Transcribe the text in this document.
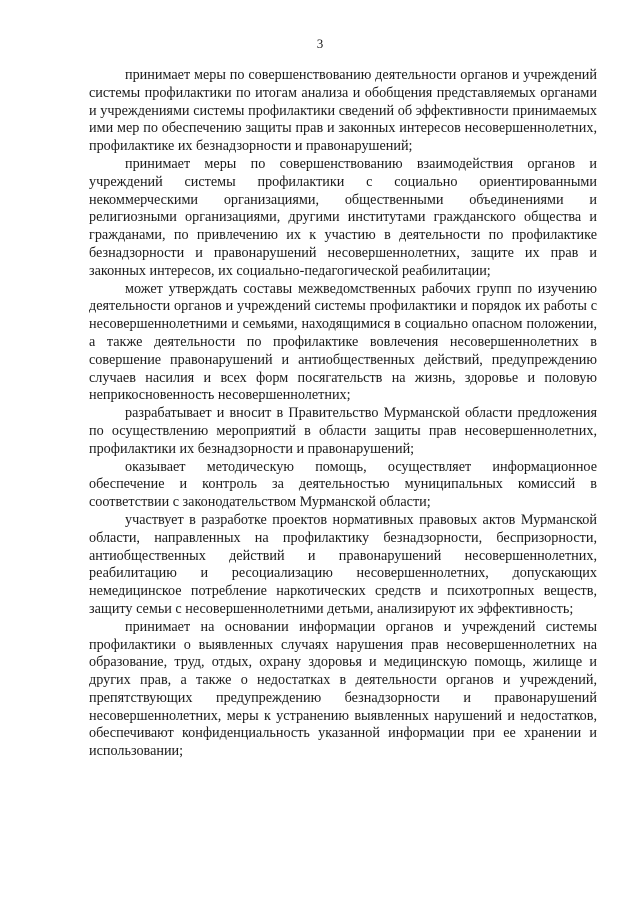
3

принимает меры по совершенствованию деятельности органов и учреждений системы профилактики по итогам анализа и обобщения представляемых органами и учреждениями системы профилактики сведений об эффективности принимаемых ими мер по обеспечению защиты прав и законных интересов несовершеннолетних, профилактике их безнадзорности и правонарушений;

принимает меры по совершенствованию взаимодействия органов и учреждений системы профилактики с социально ориентированными некоммерческими организациями, общественными объединениями и религиозными организациями, другими институтами гражданского общества и гражданами, по привлечению их к участию в деятельности по профилактике безнадзорности и правонарушений несовершеннолетних, защите их прав и законных интересов, их социально-педагогической реабилитации;

может утверждать составы межведомственных рабочих групп по изучению деятельности органов и учреждений системы профилактики и порядок их работы с несовершеннолетними и семьями, находящимися в социально опасном положении, а также деятельности по профилактике вовлечения несовершеннолетних в совершение правонарушений и антиобщественных действий, предупреждению случаев насилия и всех форм посягательств на жизнь, здоровье и половую неприкосновенность несовершеннолетних;

разрабатывает и вносит в Правительство Мурманской области предложения по осуществлению мероприятий в области защиты прав несовершеннолетних, профилактики их безнадзорности и правонарушений;

оказывает методическую помощь, осуществляет информационное обеспечение и контроль за деятельностью муниципальных комиссий в соответствии с законодательством Мурманской области;

участвует в разработке проектов нормативных правовых актов Мурманской области, направленных на профилактику безнадзорности, беспризорности, антиобщественных действий и правонарушений несовершеннолетних, реабилитацию и ресоциализацию несовершеннолетних, допускающих немедицинское потребление наркотических средств и психотропных веществ, защиту семьи с несовершеннолетними детьми, анализируют их эффективность;

принимает на основании информации органов и учреждений системы профилактики о выявленных случаях нарушения прав несовершеннолетних на образование, труд, отдых, охрану здоровья и медицинскую помощь, жилище и других прав, а также о недостатках в деятельности органов и учреждений, препятствующих предупреждению безнадзорности и правонарушений несовершеннолетних, меры к устранению выявленных нарушений и недостатков, обеспечивают конфиденциальность указанной информации при ее хранении и использовании;
